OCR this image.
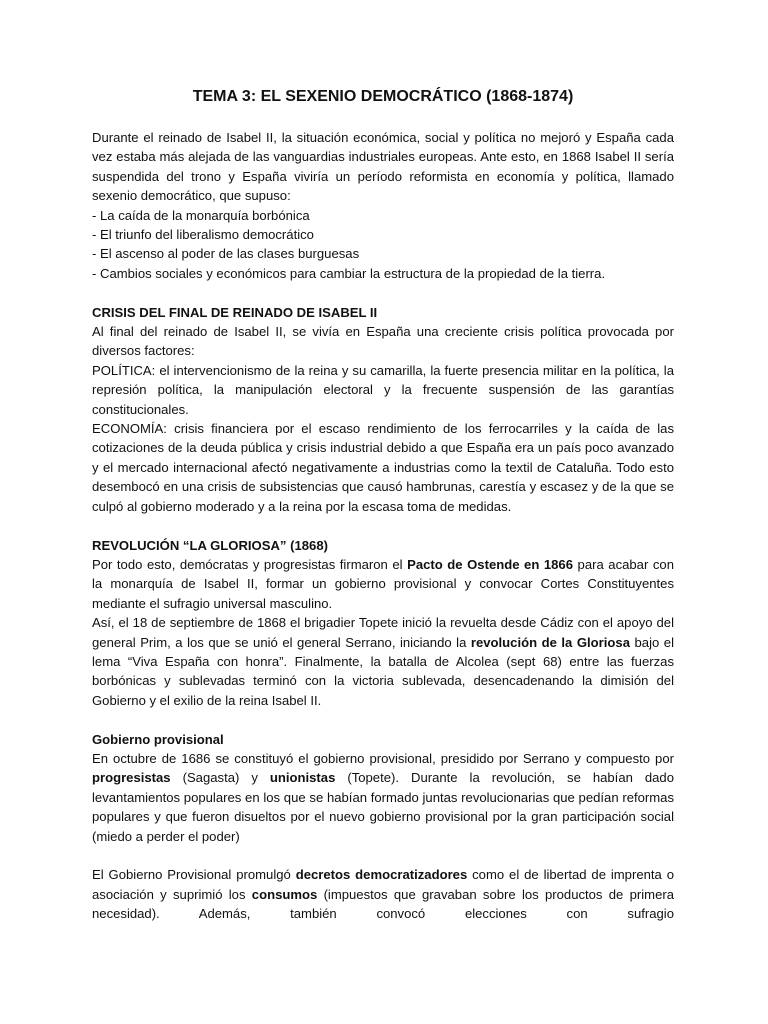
TEMA 3: EL SEXENIO DEMOCRÁTICO (1868-1874)

Durante el reinado de Isabel II, la situación económica, social y política no mejoró y España cada vez estaba más alejada de las vanguardias industriales europeas. Ante esto, en 1868 Isabel II sería suspendida del trono y España viviría un período reformista en economía y política, llamado sexenio democrático, que supuso:

- La caída de la monarquía borbónica
- El triunfo del liberalismo democrático
- El ascenso al poder de las clases burguesas
- Cambios sociales y económicos para cambiar la estructura de la propiedad de la tierra.
CRISIS DEL FINAL DE REINADO DE ISABEL II

Al final del reinado de Isabel II, se vivía en España una creciente crisis política provocada por diversos factores:

POLÍTICA: el intervencionismo de la reina y su camarilla, la fuerte presencia militar en la política, la represión política, la manipulación electoral y la frecuente suspensión de las garantías constitucionales.

ECONOMÍA: crisis financiera por el escaso rendimiento de los ferrocarriles y la caída de las cotizaciones de la deuda pública y crisis industrial debido a que España era un país poco avanzado y el mercado internacional afectó negativamente a industrias como la textil de Cataluña. Todo esto desembocó en una crisis de subsistencias que causó hambrunas, carestía y escasez y de la que se culpó al gobierno moderado y a la reina por la escasa toma de medidas.

REVOLUCIÓN “LA GLORIOSA” (1868)

Por todo esto, demócratas y progresistas firmaron el Pacto de Ostende en 1866 para acabar con la monarquía de Isabel II, formar un gobierno provisional y convocar Cortes Constituyentes mediante el sufragio universal masculino.

Así, el 18 de septiembre de 1868 el brigadier Topete inició la revuelta desde Cádiz con el apoyo del general Prim, a los que se unió el general Serrano, iniciando la revolución de la Gloriosa bajo el lema “Viva España con honra”. Finalmente, la batalla de Alcolea (sept 68) entre las fuerzas borbónicas y sublevadas terminó con la victoria sublevada, desencadenando la dimisión del Gobierno y el exilio de la reina Isabel II.

Gobierno provisional

En octubre de 1686 se constituyó el gobierno provisional, presidido por Serrano y compuesto por progresistas (Sagasta) y unionistas (Topete). Durante la revolución, se habían dado levantamientos populares en los que se habían formado juntas revolucionarias que pedían reformas populares y que fueron disueltos por el nuevo gobierno provisional por la gran participación social (miedo a perder el poder)

El Gobierno Provisional promulgó decretos democratizadores como el de libertad de imprenta o asociación y suprimió los consumos (impuestos que gravaban sobre los productos de primera necesidad). Además, también convocó elecciones con sufragio
